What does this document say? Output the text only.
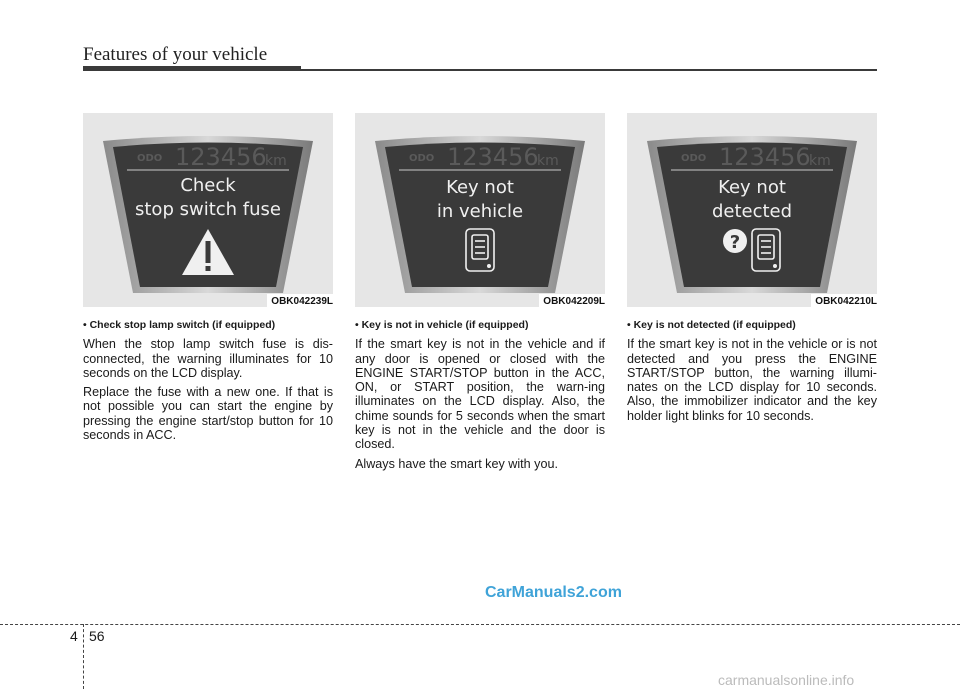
Features of your vehicle
ODO 123456
km
Check
stop switch fuse
OBK042239L
ODO 123456
km
Key not
in vehicle
OBK042209L
ODO 123456
km
Key not
detected
?
OBK042210L
• Check stop lamp switch (if equipped)

When the stop lamp switch fuse is dis-connected, the warning illuminates for 10 seconds on the LCD display.

Replace the fuse with a new one. If that is not possible you can start the engine by pressing the engine start/stop button for 10 seconds in ACC.

• Key is not in vehicle (if equipped)

If the smart key is not in the vehicle and if any door is opened or closed with the ENGINE START/STOP button in the ACC, ON, or START position, the warn-ing illuminates on the LCD display. Also, the chime sounds for 5 seconds when the smart key is not in the vehicle and the door is closed.

Always have the smart key with you.

• Key is not detected (if equipped)

If the smart key is not in the vehicle or is not detected and you press the ENGINE START/STOP button, the warning illumi-nates on the LCD display for 10 seconds. Also, the immobilizer indicator and the key holder light blinks for 10 seconds.

CarManuals2.com
4 56
carmanualsonline.info
